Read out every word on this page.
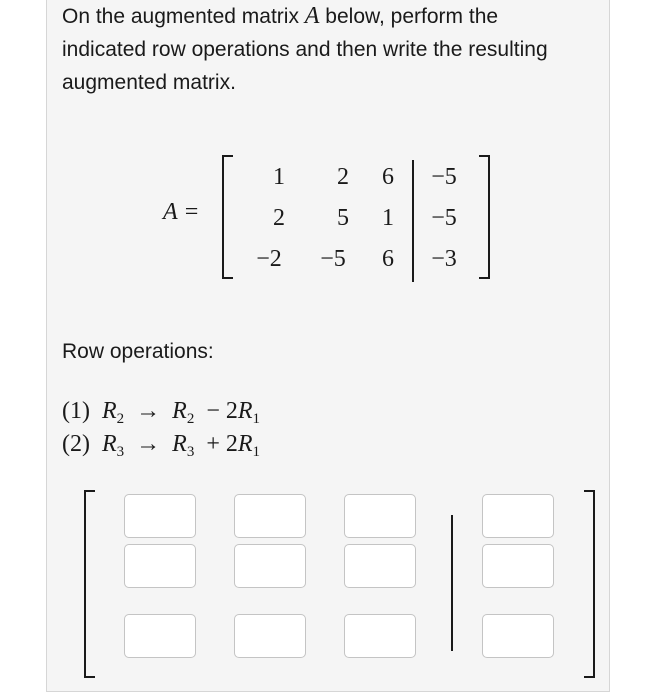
On the augmented matrix A below, perform the indicated row operations and then write the resulting augmented matrix.
A =
1	2	6	−5
2	5	1	−5
−2	−5	6	−3
Row operations:
(1) $R_2 \to R_2 - 2R_1$
(2) $R_3 \to R_3 + 2R_1$
